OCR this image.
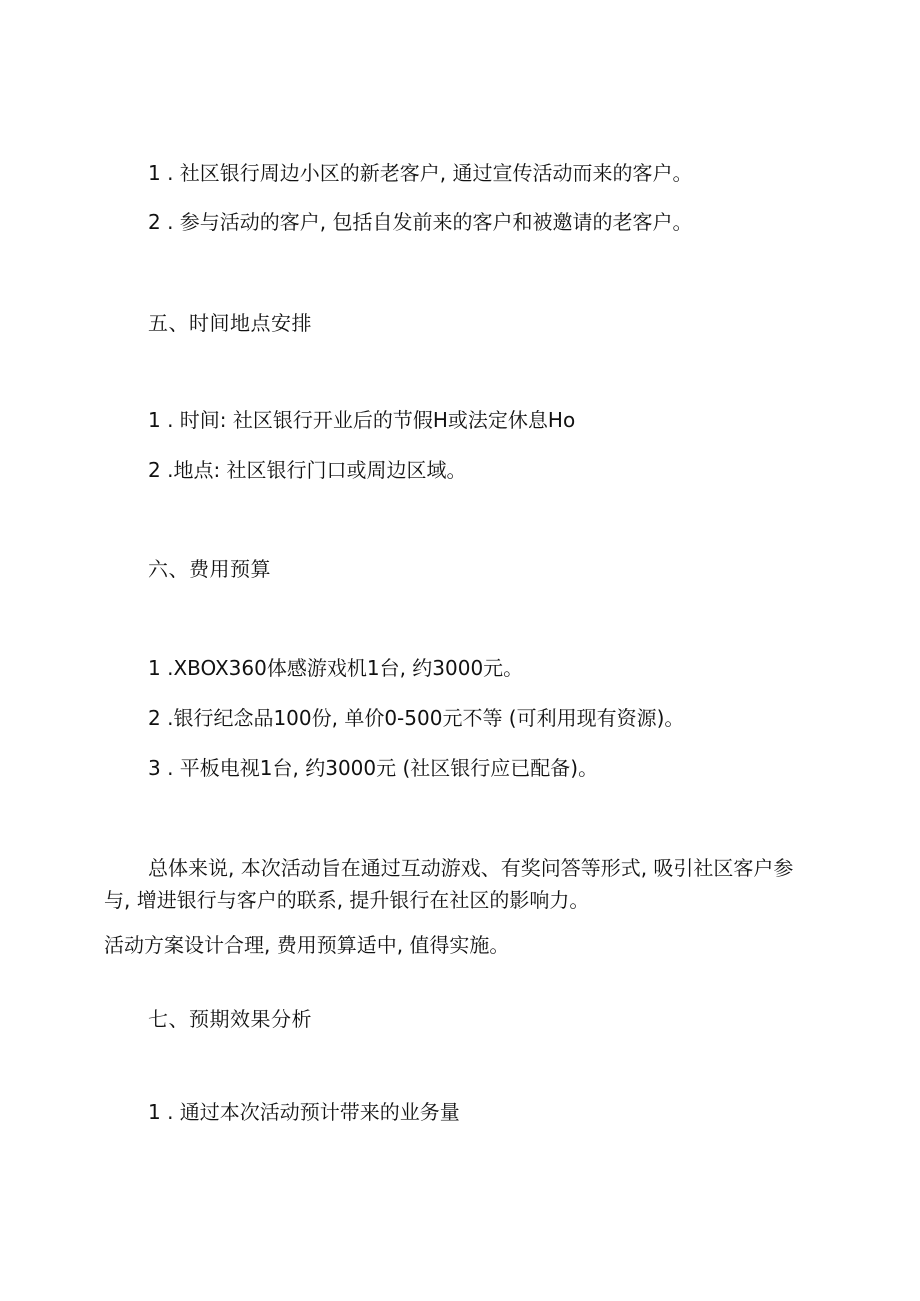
1 . 社区银行周边小区的新老客户, 通过宣传活动而来的客户。
2 . 参与活动的客户, 包括自发前来的客户和被邀请的老客户。
五、时间地点安排
1 . 时间: 社区银行开业后的节假H或法定休息Ho
2 .地点: 社区银行门口或周边区域。
六、费用预算
1 .XBOX360体感游戏机1台, 约3000元。
2 .银行纪念品100份, 单价0-500元不等 (可利用现有资源)。
3 . 平板电视1台, 约3000元 (社区银行应已配备)。
总体来说, 本次活动旨在通过互动游戏、有奖问答等形式, 吸引社区客户参与, 增进银行与客户的联系, 提升银行在社区的影响力。
活动方案设计合理, 费用预算适中, 值得实施。
七、预期效果分析
1 . 通过本次活动预计带来的业务量
